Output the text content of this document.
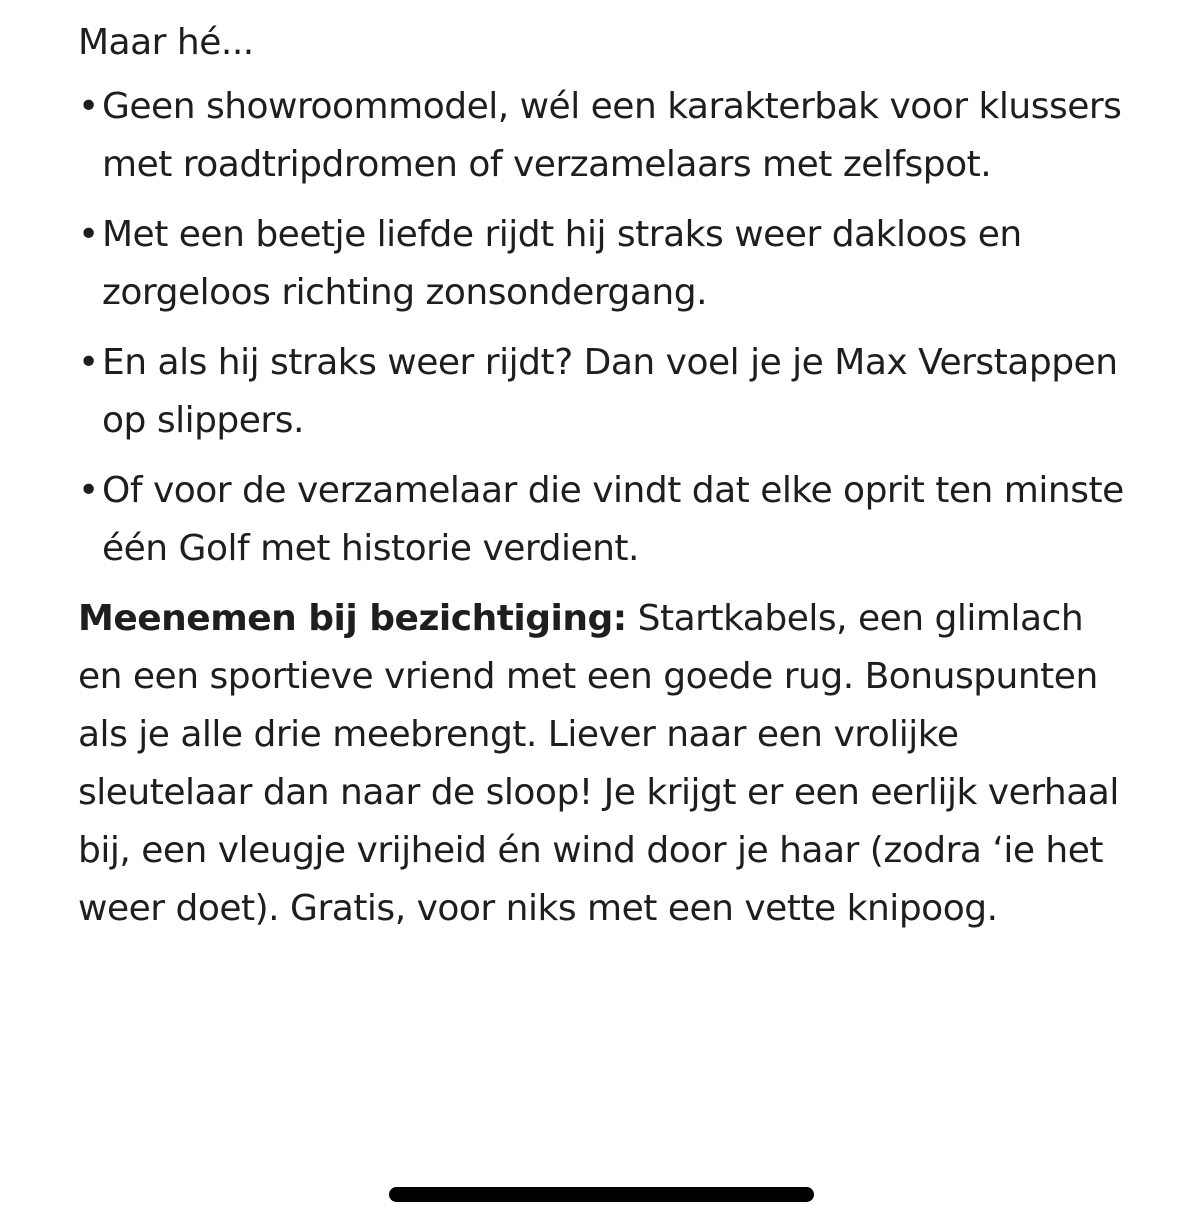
Maar hé...

• Geen showroommodel, wél een karakterbak voor klussers met roadtripdromen of verzamelaars met zelfspot.
• Met een beetje liefde rijdt hij straks weer dakloos en zorgeloos richting zonsondergang.
• En als hij straks weer rijdt? Dan voel je je Max Verstappen op slippers.
• Of voor de verzamelaar die vindt dat elke oprit ten minste één Golf met historie verdient.

Meenemen bij bezichtiging: Startkabels, een glimlach en een sportieve vriend met een goede rug. Bonuspunten als je alle drie meebrengt. Liever naar een vrolijke sleutelaar dan naar de sloop! Je krijgt er een eerlijk verhaal bij, een vleugje vrijheid én wind door je haar (zodra ‘ie het weer doet). Gratis, voor niks met een vette knipoog.
